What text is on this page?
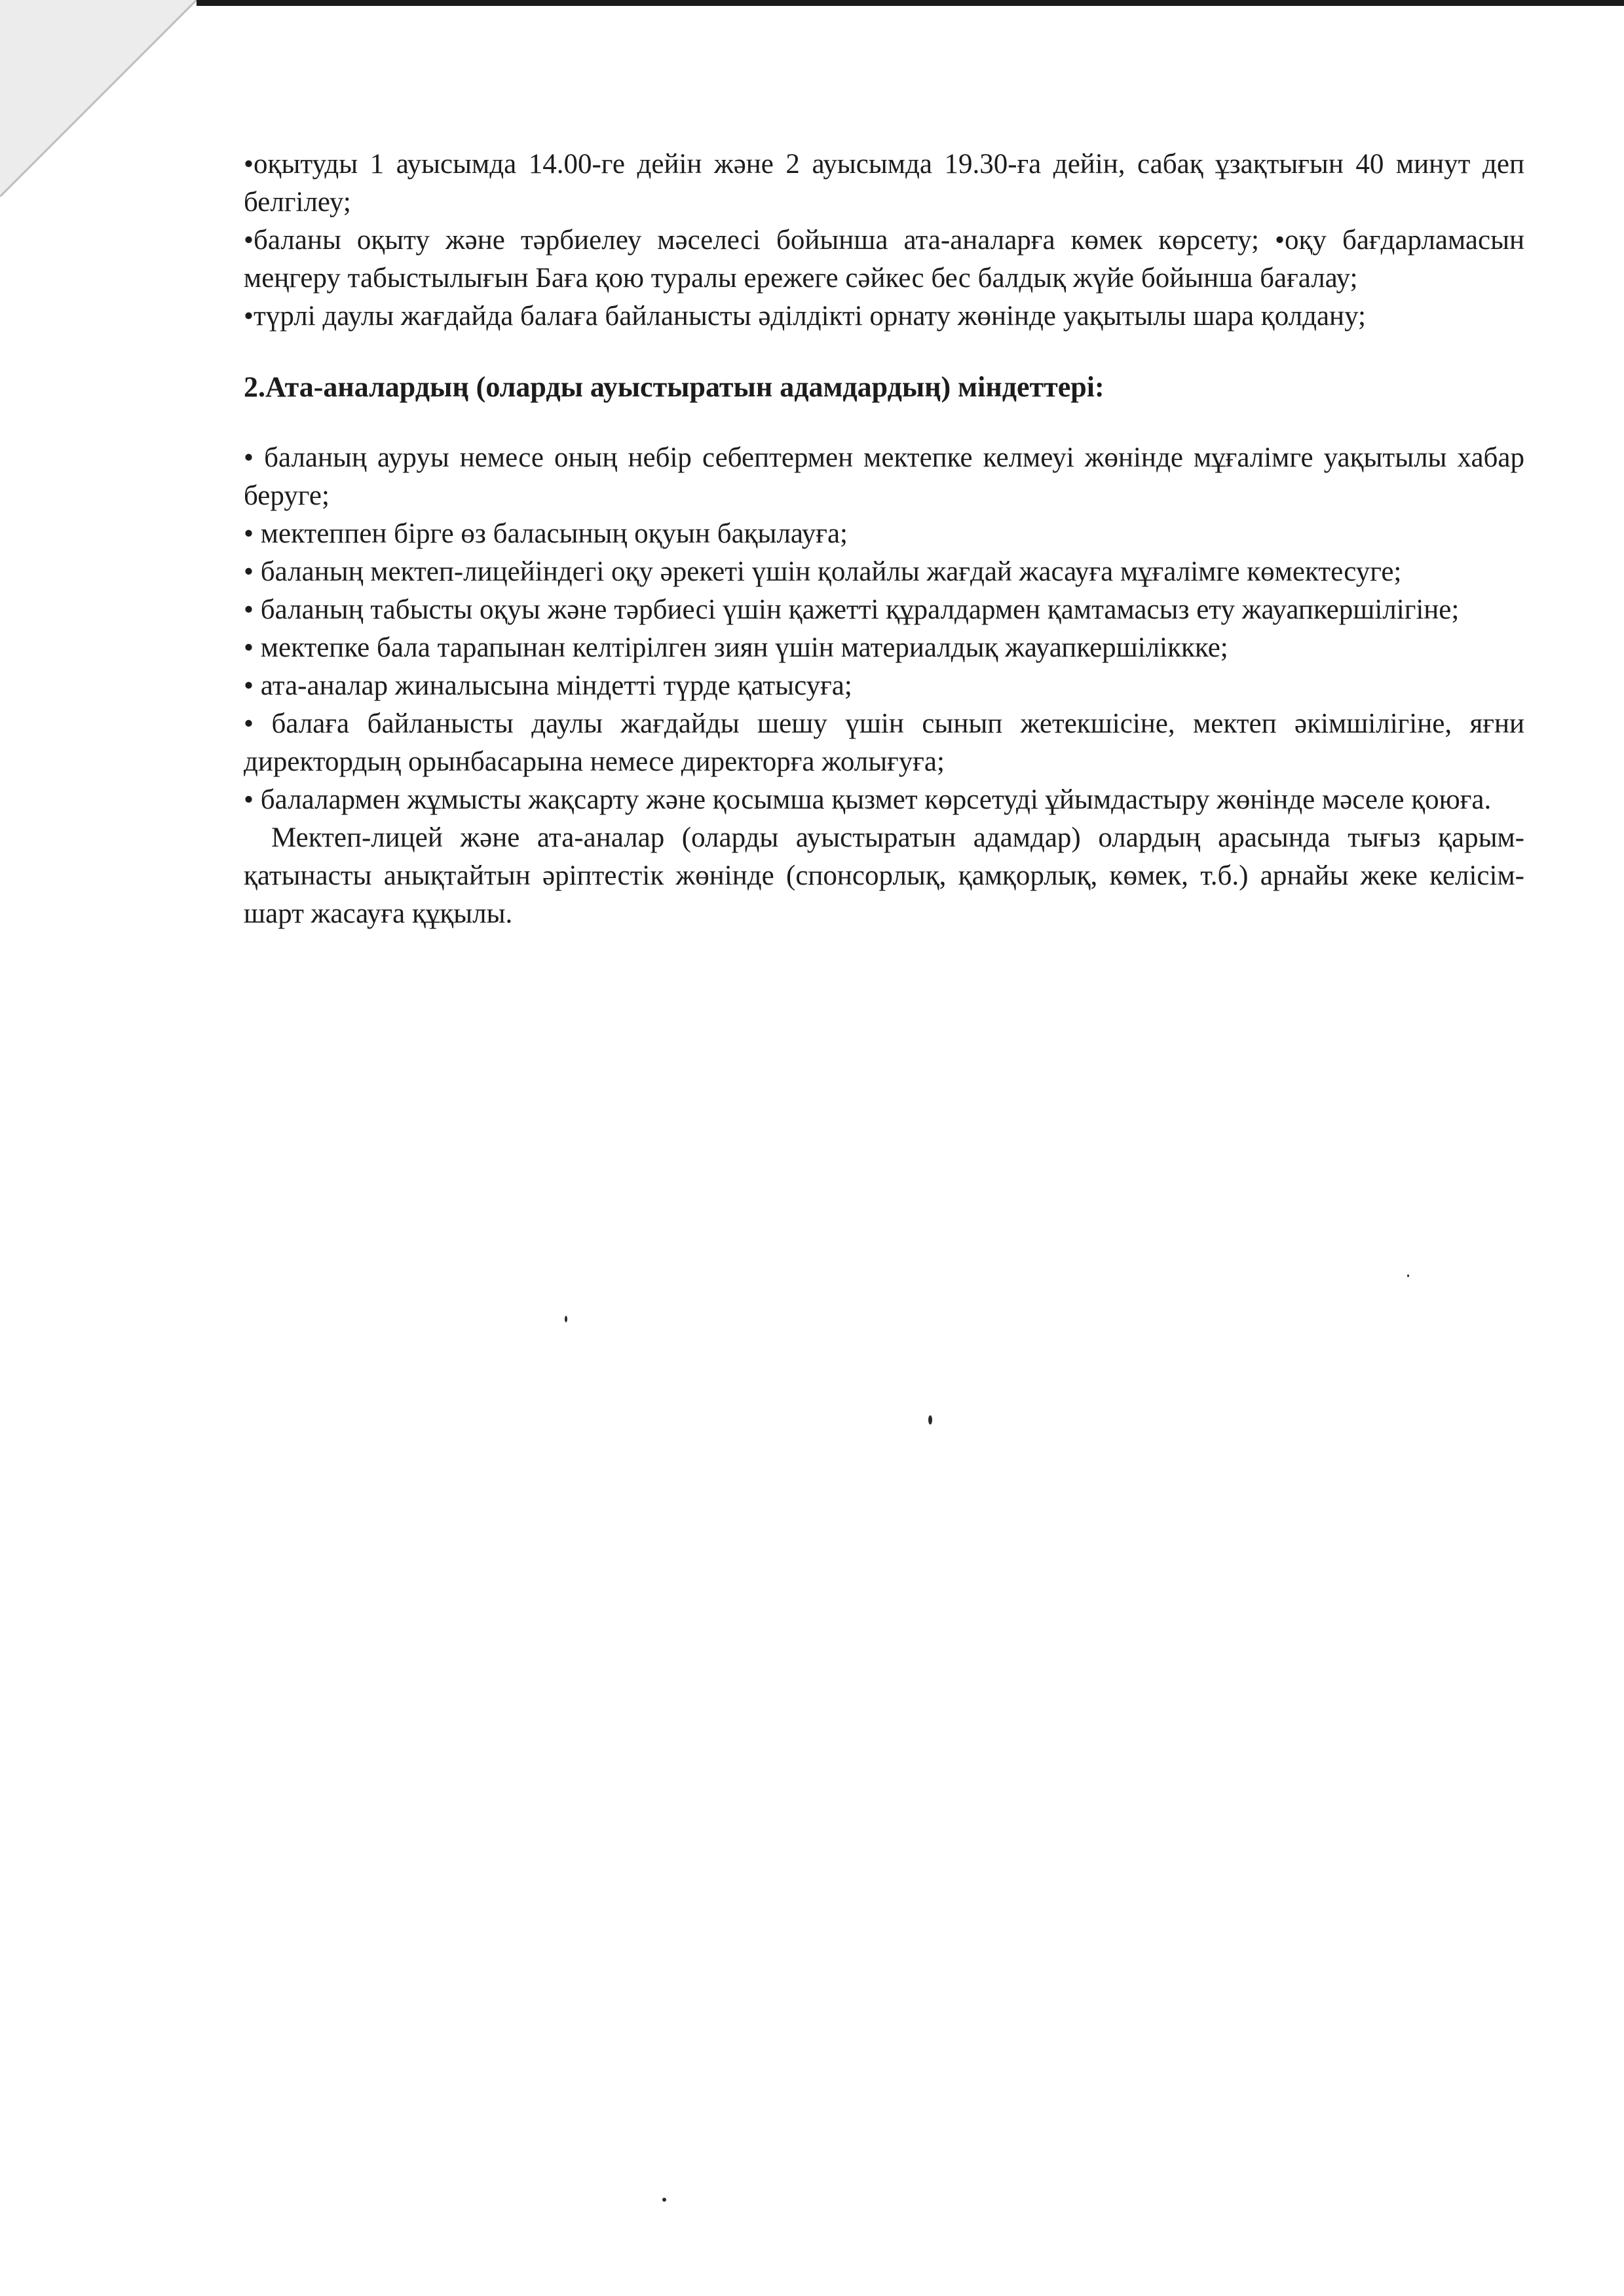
•оқытуды 1 ауысымда 14.00-ге дейін және 2 ауысымда 19.30-ға дейін, сабақ ұзақтығын 40 минут деп белгілеу;

•баланы оқыту және тәрбиелеу мәселесі бойынша ата-аналарға көмек көрсету; •оқу бағдарламасын меңгеру табыстылығын Баға қою туралы ережеге сәйкес бес балдық жүйе бойынша бағалау;

•түрлі даулы жағдайда балаға байланысты әділдікті орнату жөнінде уақытылы шара қолдану;

2.Ата-аналардың (оларды ауыстыратын адамдардың) міндеттері:

• баланың ауруы немесе оның небір себептермен мектепке келмеуі жөнінде мұғалімге уақытылы хабар беруге;

• мектеппен бірге өз баласының оқуын бақылауға;

• баланың мектеп-лицейіндегі оқу әрекеті үшін қолайлы жағдай жасауға мұғалімге көмектесуге;

• баланың табысты оқуы және тәрбиесі үшін қажетті құралдармен қамтамасыз ету жауапкершілігіне;

• мектепке бала тарапынан келтірілген зиян үшін материалдық жауапкершіліккке;

• ата-аналар жиналысына міндетті түрде қатысуға;

• балаға байланысты даулы жағдайды шешу үшін сынып жетекшісіне, мектеп әкімшілігіне, яғни директордың орынбасарына немесе директорға жолығуға;

• балалармен жұмысты жақсарту және қосымша қызмет көрсетуді ұйымдастыру жөнінде мәселе қоюға.

Мектеп-лицей және ата-аналар (оларды ауыстыратын адамдар) олардың арасында тығыз қарым-қатынасты анықтайтын әріптестік жөнінде (спонсорлық, қамқорлық, көмек, т.б.) арнайы жеке келісім-шарт жасауға құқылы.
